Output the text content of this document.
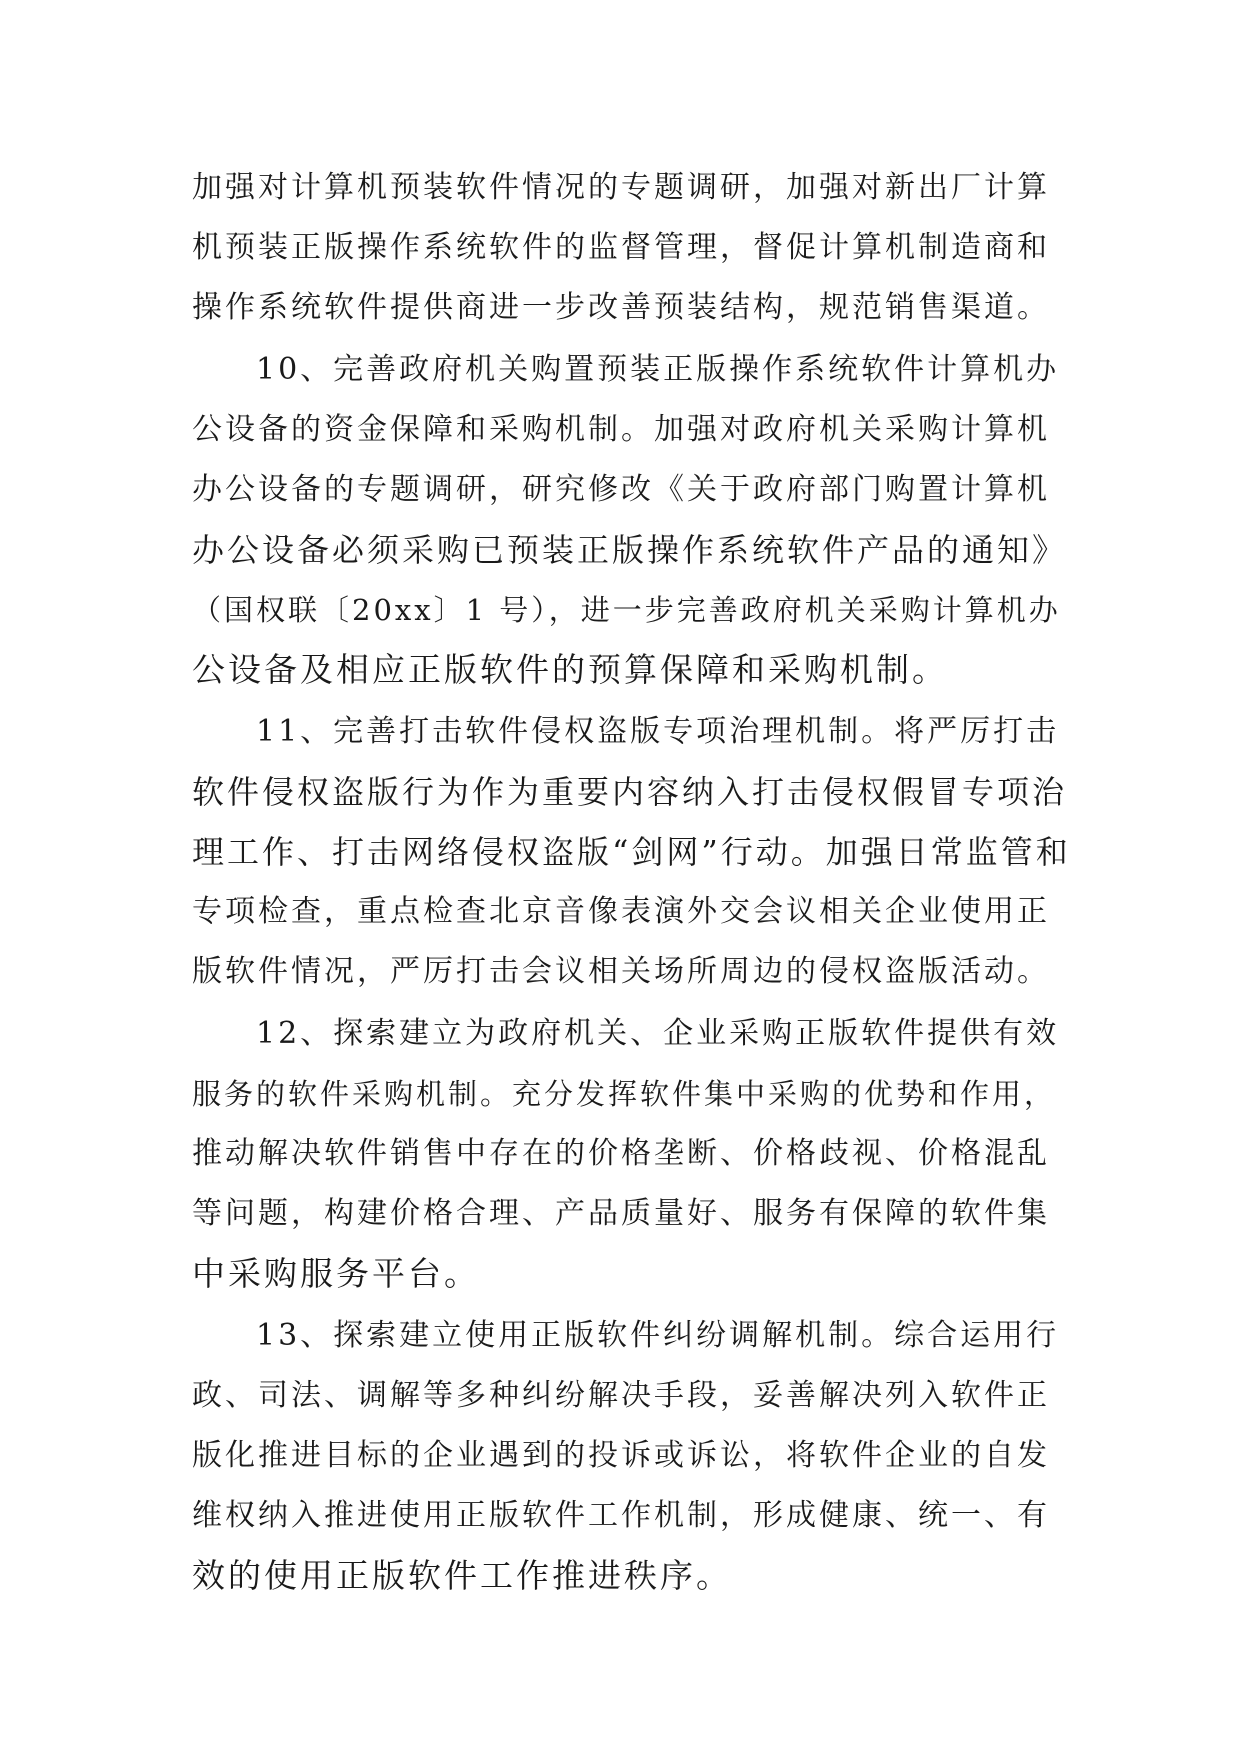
加强对计算机预装软件情况的专题调研，加强对新出厂计算
机预装正版操作系统软件的监督管理，督促计算机制造商和
操作系统软件提供商进一步改善预装结构，规范销售渠道。
10、完善政府机关购置预装正版操作系统软件计算机办
公设备的资金保障和采购机制。加强对政府机关采购计算机
办公设备的专题调研，研究修改《关于政府部门购置计算机
办公设备必须采购已预装正版操作系统软件产品的通知》
（国权联〔20xx〕1 号），进一步完善政府机关采购计算机办
公设备及相应正版软件的预算保障和采购机制。
11、完善打击软件侵权盗版专项治理机制。将严厉打击
软件侵权盗版行为作为重要内容纳入打击侵权假冒专项治
理工作、打击网络侵权盗版“剑网”行动。加强日常监管和
专项检查，重点检查北京音像表演外交会议相关企业使用正
版软件情况，严厉打击会议相关场所周边的侵权盗版活动。
12、探索建立为政府机关、企业采购正版软件提供有效
服务的软件采购机制。充分发挥软件集中采购的优势和作用，
推动解决软件销售中存在的价格垄断、价格歧视、价格混乱
等问题，构建价格合理、产品质量好、服务有保障的软件集
中采购服务平台。
13、探索建立使用正版软件纠纷调解机制。综合运用行
政、司法、调解等多种纠纷解决手段，妥善解决列入软件正
版化推进目标的企业遇到的投诉或诉讼，将软件企业的自发
维权纳入推进使用正版软件工作机制，形成健康、统一、有
效的使用正版软件工作推进秩序。
